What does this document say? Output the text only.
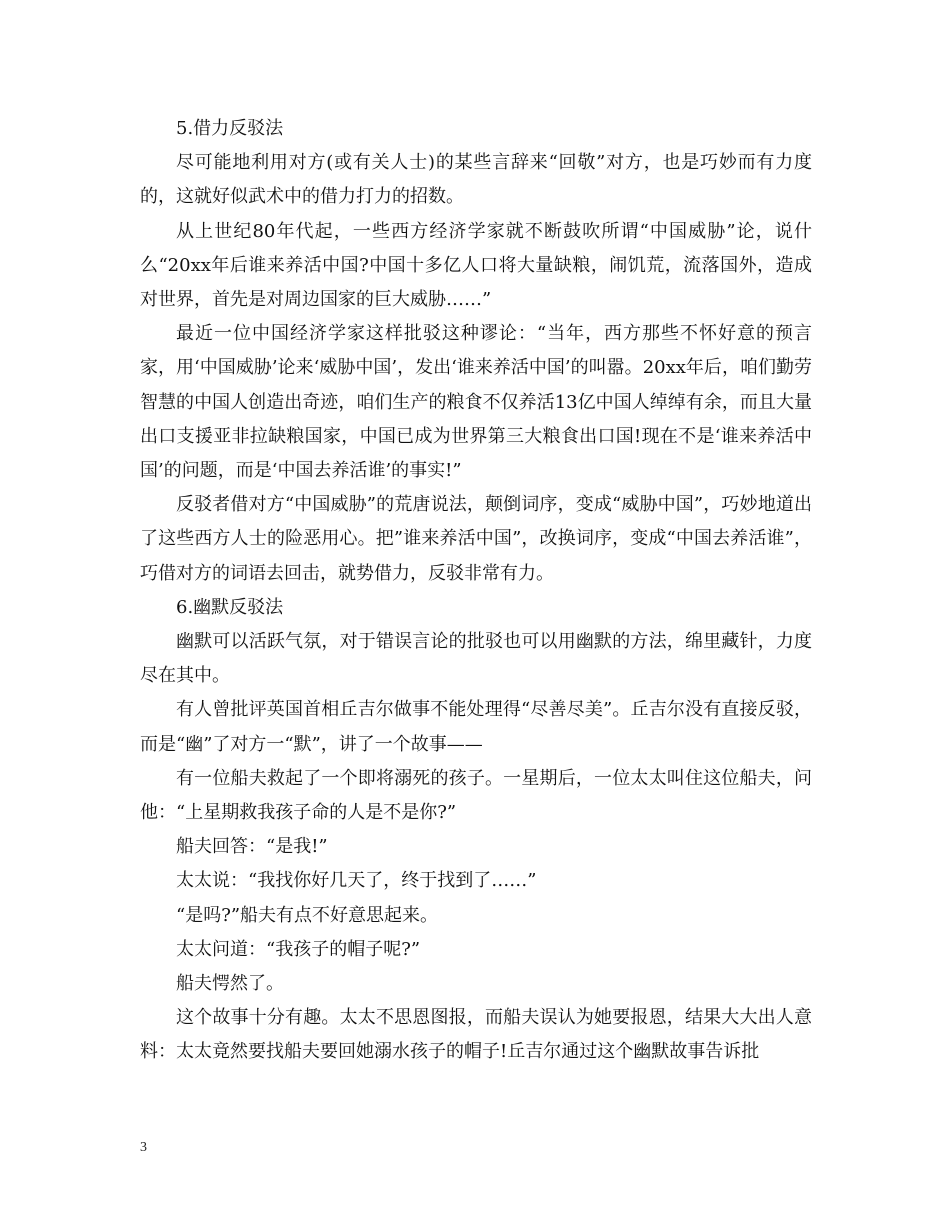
5.借力反驳法

尽可能地利用对方(或有关人士)的某些言辞来“回敬”对方，也是巧妙而有力度的，这就好似武术中的借力打力的招数。

从上世纪80年代起，一些西方经济学家就不断鼓吹所谓“中国威胁”论，说什么“20xx年后谁来养活中国?中国十多亿人口将大量缺粮，闹饥荒，流落国外，造成对世界，首先是对周边国家的巨大威胁……”

最近一位中国经济学家这样批驳这种谬论：“当年，西方那些不怀好意的预言家，用‘中国威胁’论来‘威胁中国’，发出‘谁来养活中国’的叫嚣。20xx年后，咱们勤劳智慧的中国人创造出奇迹，咱们生产的粮食不仅养活13亿中国人绰绰有余，而且大量出口支援亚非拉缺粮国家，中国已成为世界第三大粮食出口国!现在不是‘谁来养活中国’的问题，而是‘中国去养活谁’的事实!”

反驳者借对方“中国威胁”的荒唐说法，颠倒词序，变成“威胁中国”，巧妙地道出了这些西方人士的险恶用心。把”谁来养活中国”，改换词序，变成“中国去养活谁”，巧借对方的词语去回击，就势借力，反驳非常有力。

6.幽默反驳法

幽默可以活跃气氛，对于错误言论的批驳也可以用幽默的方法，绵里藏针，力度尽在其中。

有人曾批评英国首相丘吉尔做事不能处理得“尽善尽美”。丘吉尔没有直接反驳，而是“幽”了对方一“默”，讲了一个故事——

有一位船夫救起了一个即将溺死的孩子。一星期后，一位太太叫住这位船夫，问他：“上星期救我孩子命的人是不是你?”

船夫回答：“是我!”

太太说：“我找你好几天了，终于找到了……”

“是吗?”船夫有点不好意思起来。

太太问道：“我孩子的帽子呢?”

船夫愕然了。

这个故事十分有趣。太太不思恩图报，而船夫误认为她要报恩，结果大大出人意料：太太竟然要找船夫要回她溺水孩子的帽子!丘吉尔通过这个幽默故事告诉批

3
